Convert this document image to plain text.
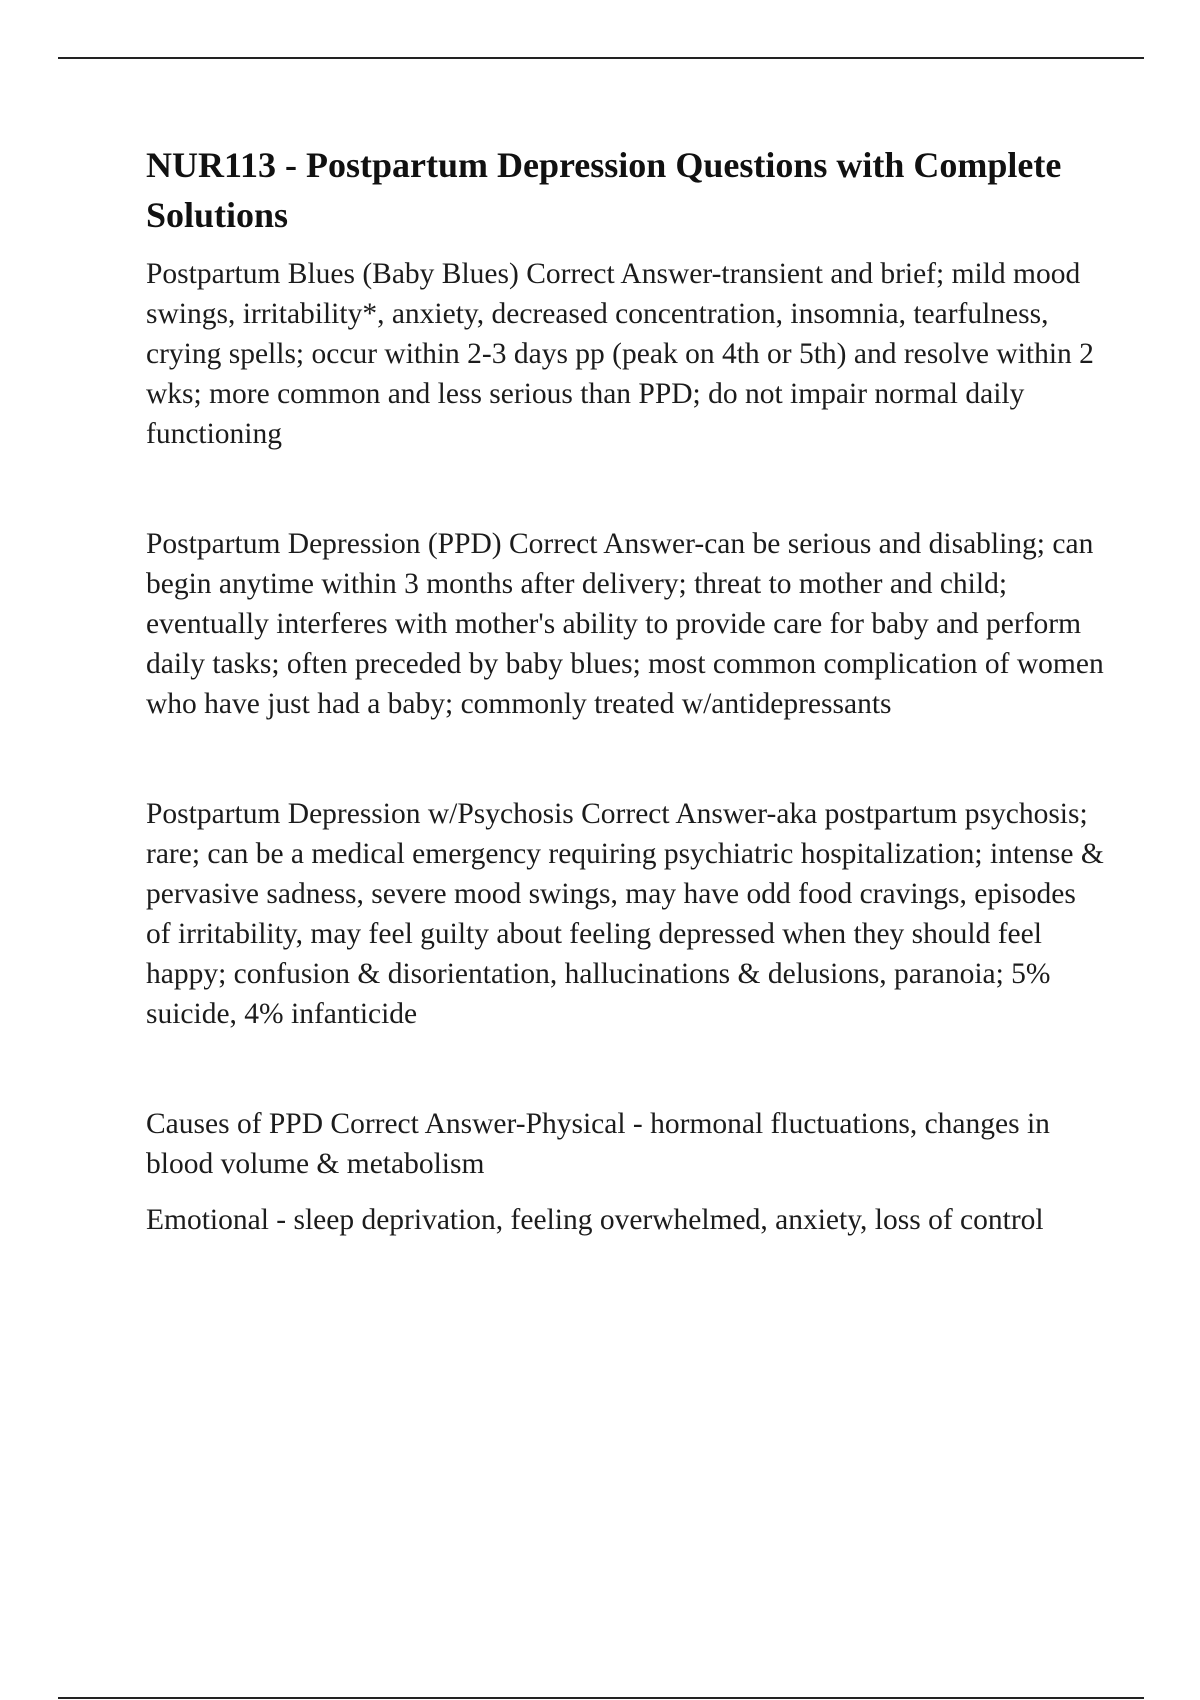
NUR113 - Postpartum Depression Questions with Complete Solutions

Postpartum Blues (Baby Blues) Correct Answer-transient and brief; mild mood swings, irritability*, anxiety, decreased concentration, insomnia, tearfulness, crying spells; occur within 2-3 days pp (peak on 4th or 5th) and resolve within 2 wks; more common and less serious than PPD; do not impair normal daily functioning

Postpartum Depression (PPD) Correct Answer-can be serious and disabling; can begin anytime within 3 months after delivery; threat to mother and child; eventually interferes with mother's ability to provide care for baby and perform daily tasks; often preceded by baby blues; most common complication of women who have just had a baby; commonly treated w/antidepressants

Postpartum Depression w/Psychosis Correct Answer-aka postpartum psychosis; rare; can be a medical emergency requiring psychiatric hospitalization; intense & pervasive sadness, severe mood swings, may have odd food cravings, episodes of irritability, may feel guilty about feeling depressed when they should feel happy; confusion & disorientation, hallucinations & delusions, paranoia; 5% suicide, 4% infanticide

Causes of PPD Correct Answer-Physical - hormonal fluctuations, changes in blood volume & metabolism

Emotional - sleep deprivation, feeling overwhelmed, anxiety, loss of control
